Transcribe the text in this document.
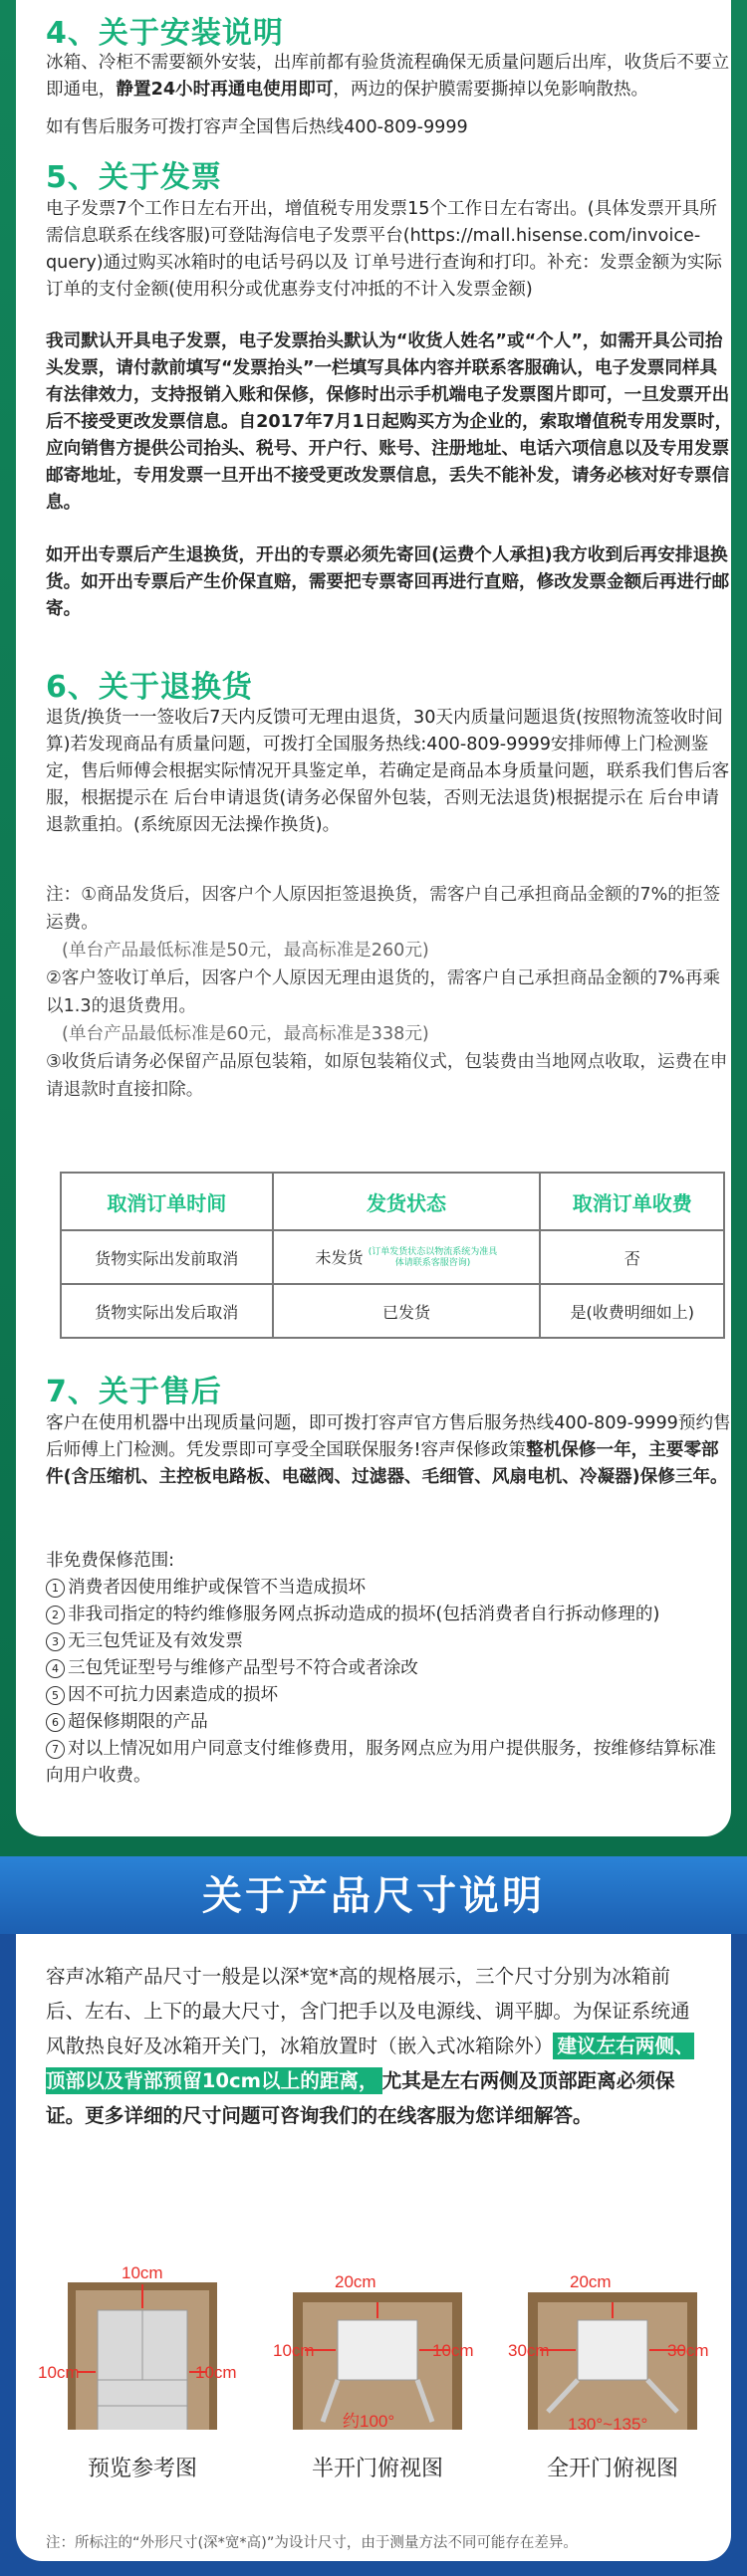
4、关于安装说明
冰箱、冷柜不需要额外安装，出库前都有验货流程确保无质量问题后出库，收货后不要立即通电，静置24小时再通电使用即可，两边的保护膜需要撕掉以免影响散热。
如有售后服务可拨打容声全国售后热线400-809-9999
5、关于发票
电子发票7个工作日左右开出，增值税专用发票15个工作日左右寄出。(具体发票开具所需信息联系在线客服)可登陆海信电子发票平台(https://mall.hisense.com/invoice-query)通过购买冰箱时的电话号码以及 订单号进行查询和打印。补充：发票金额为实际订单的支付金额(使用积分或优惠券支付冲抵的不计入发票金额)
我司默认开具电子发票，电子发票抬头默认为“收货人姓名”或“个人”，如需开具公司抬头发票，请付款前填写“发票抬头”一栏填写具体内容并联系客服确认，电子发票同样具有法律效力，支持报销入账和保修，保修时出示手机端电子发票图片即可，一旦发票开出后不接受更改发票信息。自2017年7月1日起购买方为企业的，索取增值税专用发票时，应向销售方提供公司抬头、税号、开户行、账号、注册地址、电话六项信息以及专用发票邮寄地址，专用发票一旦开出不接受更改发票信息，丢失不能补发，请务必核对好专票信息。
如开出专票后产生退换货，开出的专票必须先寄回(运费个人承担)我方收到后再安排退换货。如开出专票后产生价保直赔，需要把专票寄回再进行直赔，修改发票金额后再进行邮寄。
6、关于退换货
退货/换货一一签收后7天内反馈可无理由退货，30天内质量问题退货(按照物流签收时间算)若发现商品有质量问题，可拨打全国服务热线:400-809-9999安排师傅上门检测鉴定，售后师傅会根据实际情况开具鉴定单，若确定是商品本身质量问题，联系我们售后客服，根据提示在 后台申请退货(请务必保留外包装，否则无法退货)根据提示在 后台申请退款重拍。(系统原因无法操作换货)。
注：①商品发货后，因客户个人原因拒签退换货，需客户自己承担商品金额的7%的拒签运费。
(单台产品最低标准是50元，最高标准是260元)
②客户签收订单后，因客户个人原因无理由退货的，需客户自己承担商品金额的7%再乘以1.3的退货费用。
(单台产品最低标准是60元，最高标准是338元)
③收货后请务必保留产品原包装箱，如原包装箱仪式，包装费由当地网点收取，运费在申请退款时直接扣除。
取消订单时间	发货状态	取消订单收费
货物实际出发前取消	未发货 (订单发货状态以物流系统为准具体请联系客服咨询)	否
货物实际出发后取消	已发货	是(收费明细如上)
7、关于售后
客户在使用机器中出现质量问题，即可拨打容声官方售后服务热线400-809-9999预约售后师傅上门检测。凭发票即可享受全国联保服务!容声保修政策整机保修一年，主要零部件(含压缩机、主控板电路板、电磁阀、过滤器、毛细管、风扇电机、冷凝器)保修三年。
非免费保修范围:
1 消费者因使用维护或保管不当造成损坏
2 非我司指定的特约维修服务网点拆动造成的损坏(包括消费者自行拆动修理的)
3 无三包凭证及有效发票
4 三包凭证型号与维修产品型号不符合或者涂改
5 因不可抗力因素造成的损坏
6 超保修期限的产品
7 对以上情况如用户同意支付维修费用，服务网点应为用户提供服务，按维修结算标准向用户收费。
关于产品尺寸说明
容声冰箱产品尺寸一般是以深*宽*高的规格展示，三个尺寸分别为冰箱前后、左右、上下的最大尺寸，含门把手以及电源线、调平脚。为保证系统通风散热良好及冰箱开关门，冰箱放置时（嵌入式冰箱除外） 建议左右两侧、顶部以及背部预留10cm以上的距离， 尤其是左右两侧及顶部距离必须保证。更多详细的尺寸问题可咨询我们的在线客服为您详细解答。
10cm
10cm	10cm
20cm
10cm	10cm
约100°
20cm
30cm	30cm
130°~135°
预览参考图	半开门俯视图	全开门俯视图
注：所标注的“外形尺寸(深*宽*高)”为设计尺寸，由于测量方法不同可能存在差异。
